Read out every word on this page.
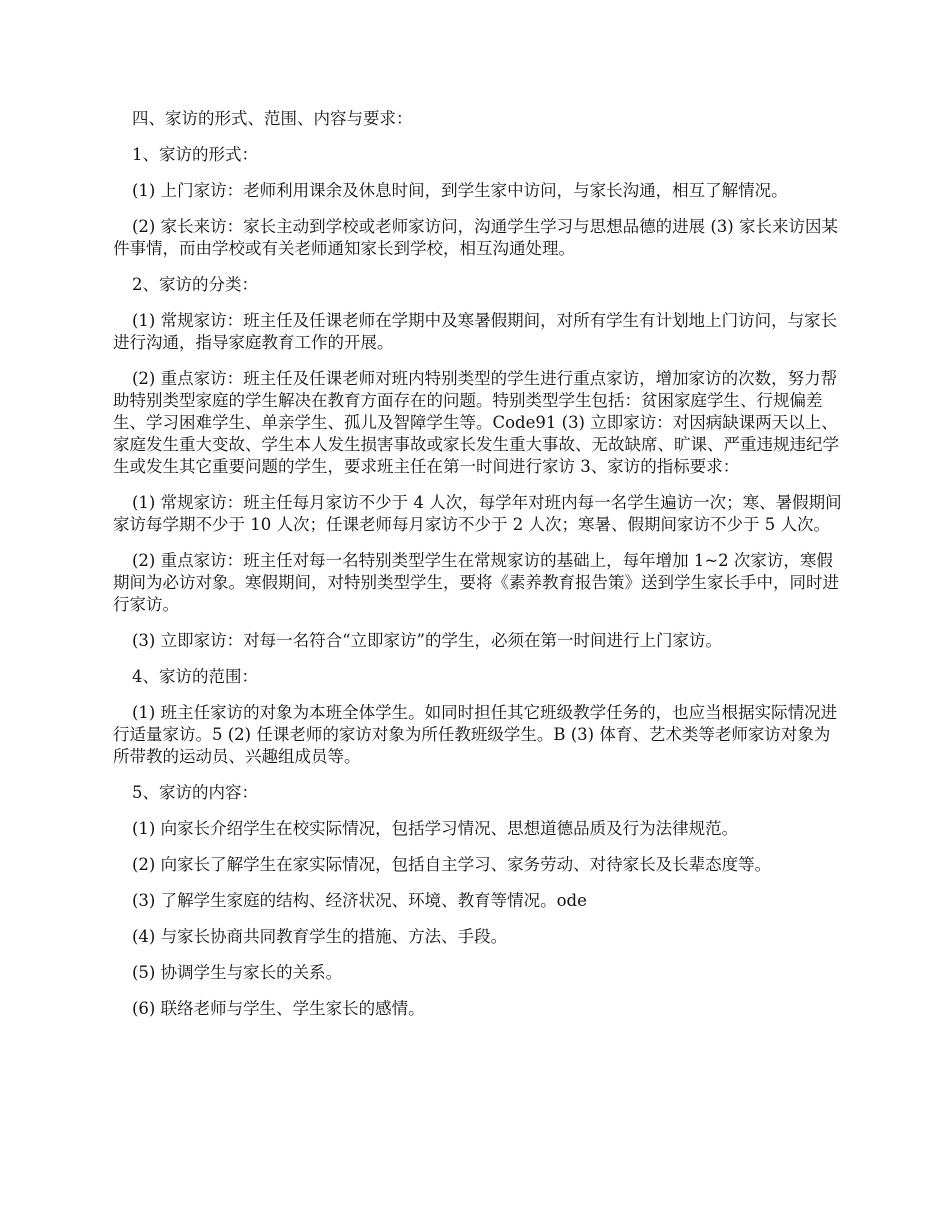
四、家访的形式、范围、内容与要求：

1、家访的形式：

(1) 上门家访：老师利用课余及休息时间，到学生家中访问，与家长沟通，相互了解情况。

(2) 家长来访：家长主动到学校或老师家访问，沟通学生学习与思想品德的进展 (3) 家长来访因某件事情，而由学校或有关老师通知家长到学校，相互沟通处理。

2、家访的分类：

(1) 常规家访：班主任及任课老师在学期中及寒暑假期间，对所有学生有计划地上门访问，与家长进行沟通，指导家庭教育工作的开展。

(2) 重点家访：班主任及任课老师对班内特别类型的学生进行重点家访，增加家访的次数，努力帮助特别类型家庭的学生解决在教育方面存在的问题。特别类型学生包括：贫困家庭学生、行规偏差生、学习困难学生、单亲学生、孤儿及智障学生等。Code91 (3) 立即家访：对因病缺课两天以上、家庭发生重大变故、学生本人发生损害事故或家长发生重大事故、无故缺席、旷课、严重违规违纪学生或发生其它重要问题的学生，要求班主任在第一时间进行家访 3、家访的指标要求：

(1) 常规家访：班主任每月家访不少于 4 人次，每学年对班内每一名学生遍访一次；寒、暑假期间家访每学期不少于 10 人次；任课老师每月家访不少于 2 人次；寒暑、假期间家访不少于 5 人次。

(2) 重点家访：班主任对每一名特别类型学生在常规家访的基础上，每年增加 1~2 次家访，寒假期间为必访对象。寒假期间，对特别类型学生，要将《素养教育报告策》送到学生家长手中，同时进行家访。

(3) 立即家访：对每一名符合“立即家访”的学生，必须在第一时间进行上门家访。

4、家访的范围：

(1) 班主任家访的对象为本班全体学生。如同时担任其它班级教学任务的，也应当根据实际情况进行适量家访。5 (2) 任课老师的家访对象为所任教班级学生。B (3) 体育、艺术类等老师家访对象为所带教的运动员、兴趣组成员等。

5、家访的内容：

(1) 向家长介绍学生在校实际情况，包括学习情况、思想道德品质及行为法律规范。

(2) 向家长了解学生在家实际情况，包括自主学习、家务劳动、对待家长及长辈态度等。

(3) 了解学生家庭的结构、经济状况、环境、教育等情况。ode

(4) 与家长协商共同教育学生的措施、方法、手段。

(5) 协调学生与家长的关系。

(6) 联络老师与学生、学生家长的感情。
